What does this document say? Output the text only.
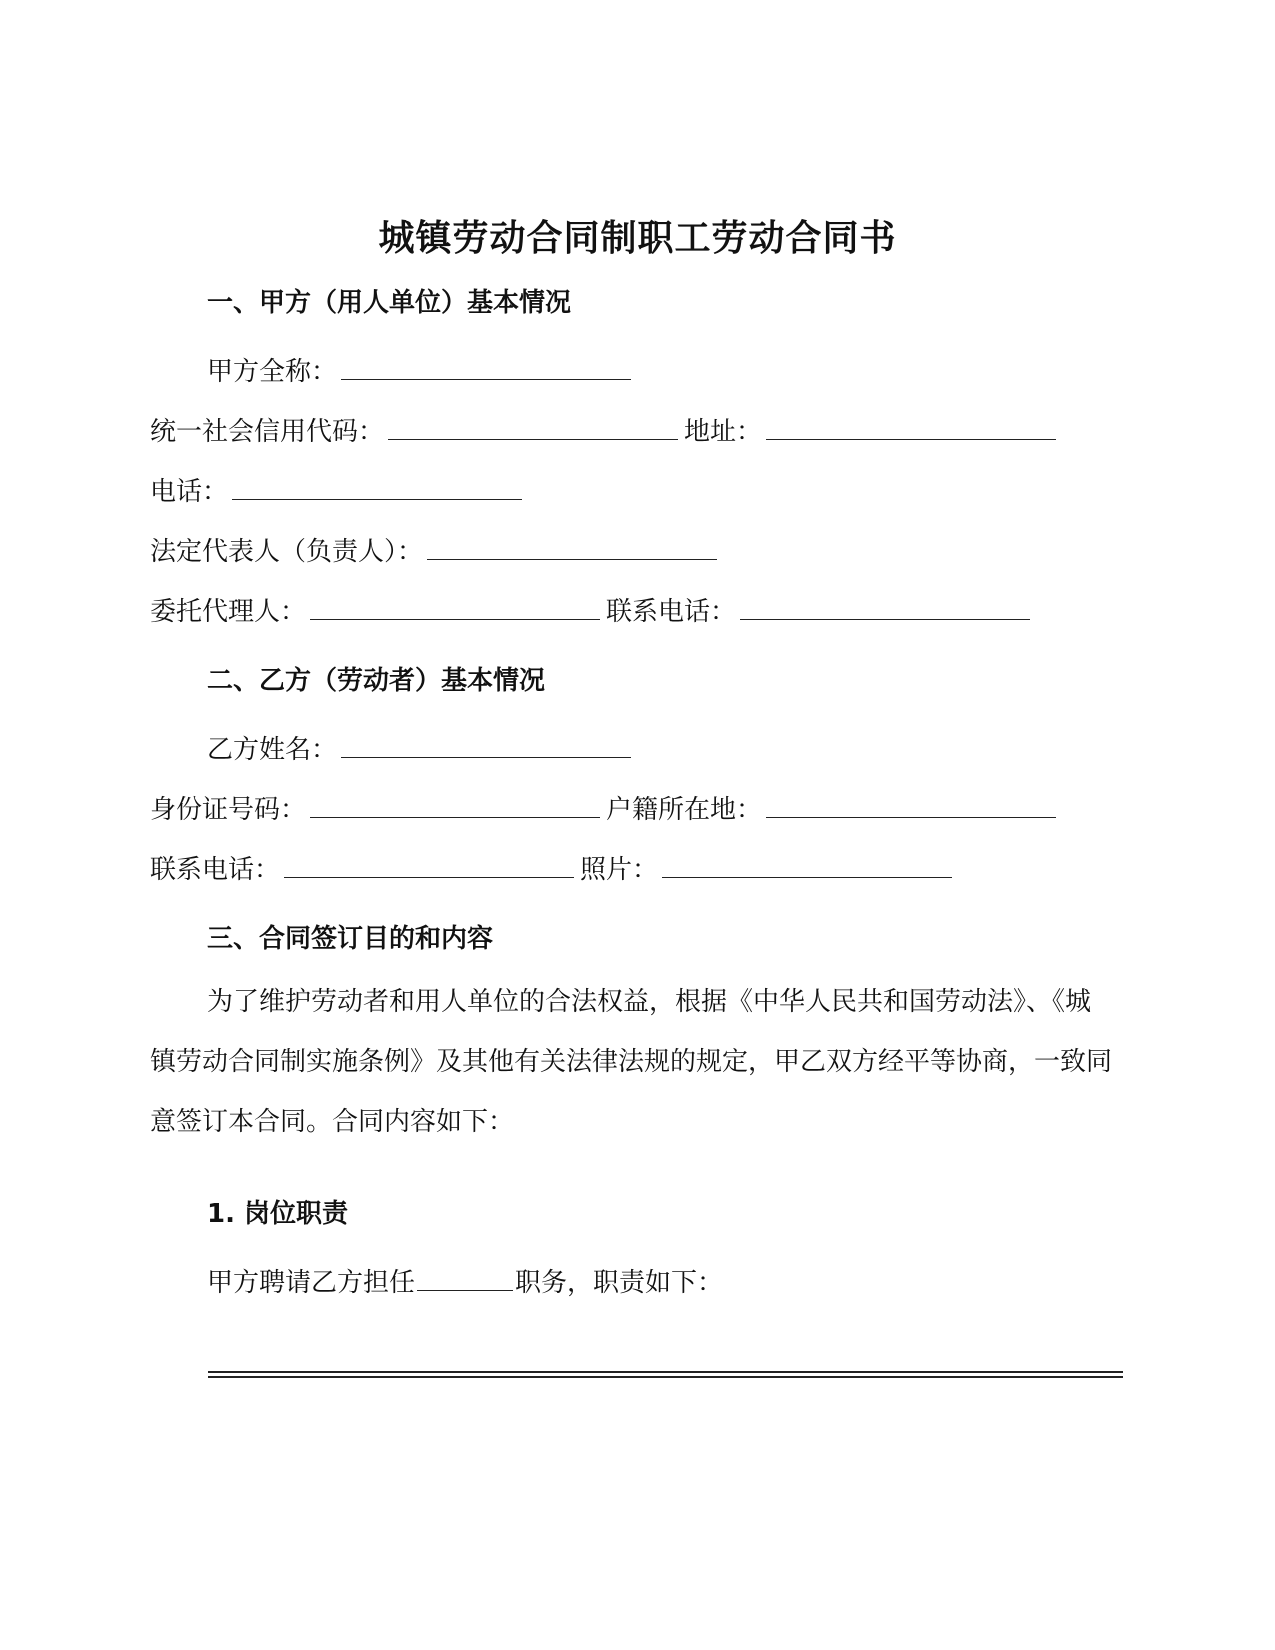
城镇劳动合同制职工劳动合同书
一、甲方（用人单位）基本情况
甲方全称：
统一社会信用代码：	地址：
电话：
法定代表人（负责人）：
委托代理人：	联系电话：
二、乙方（劳动者）基本情况
乙方姓名：
身份证号码：	户籍所在地：
联系电话：	照片：
三、合同签订目的和内容
为了维护劳动者和用人单位的合法权益，根据《中华人民共和国劳动法》、《城镇劳动合同制实施条例》及其他有关法律法规的规定，甲乙双方经平等协商，一致同意签订本合同。合同内容如下：
1. 岗位职责
甲方聘请乙方担任	职务，职责如下：
